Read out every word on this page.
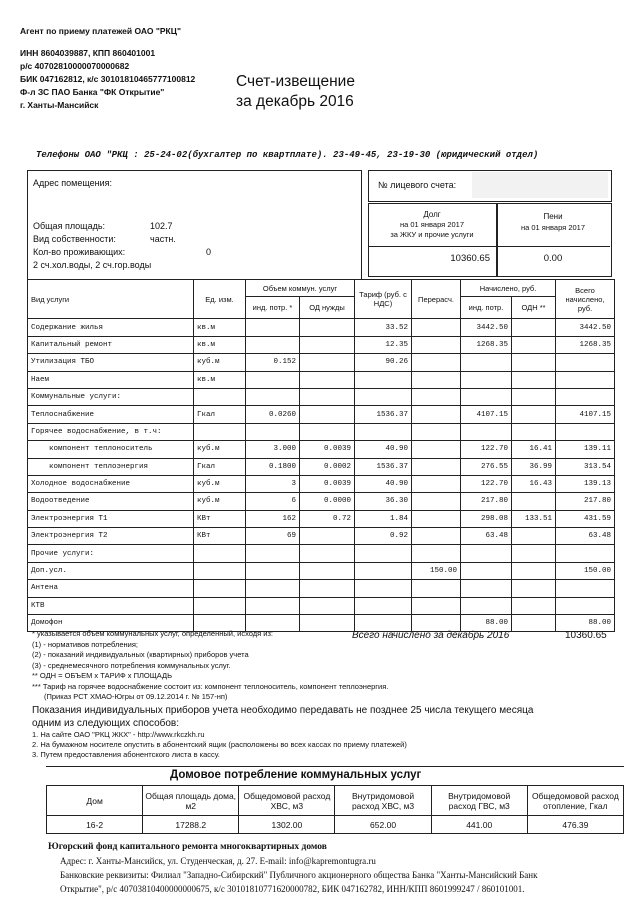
Агент по приему платежей ОАО "РКЦ"
ИНН 8604039887, КПП 860401001
р/с 40702810000070000682
БИК 047162812, к/с 30101810465777100812
Ф-л ЗС ПАО Банка "ФК Открытие"
г. Ханты-Мансийск
Счет-извещение
за декабрь 2016
Телефоны ОАО "РКЦ : 25-24-02(бухгалтер по квартплате). 23-49-45, 23-19-30 (юридический отдел)
Адрес помещения:
Общая площадь:	102.7
Вид собственности:	частн.
Кол-во проживающих:	0
2 сч.хол.воды, 2 сч.гор.воды
№ лицевого счета:
Долг
на 01 января 2017
за ЖКУ и прочие услуги
10360.65
Пени
на 01 января 2017
0.00
Вид услуги	Ед. изм.	Объем коммун. услуг		Тариф (руб. с НДС)	Перерасч.	Начислено, руб.		Всего начислено, руб.
		инд. потр. *	ОД нужды			инд. потр.	ОДН **	
Содержание жилья	кв.м			33.52		3442.50		3442.50
Капитальный ремонт	кв.м			12.35		1268.35		1268.35
Утилизация ТБО	куб.м	0.152		90.26				
Наем	кв.м							
Коммунальные услуги:								
Теплоснабжение	Гкал	0.0260		1536.37		4107.15		4107.15
Горячее водоснабжение, в т.ч:								
компонент теплоноситель	куб.м	3.000	0.0039	40.90		122.70	16.41	139.11
компонент теплоэнергия	Гкал	0.1800	0.0002	1536.37		276.55	36.99	313.54
Холодное водоснабжение	куб.м	3	0.0039	40.90		122.70	16.43	139.13
Водоотведение	куб.м	6	0.0000	36.30		217.80		217.80
Электроэнергия Т1	КВт	162	0.72	1.84		298.08	133.51	431.59
Электроэнергия Т2	КВт	69		0.92		63.48		63.48
Прочие услуги:								
Доп.усл.					150.00			150.00
Антена								
КТВ								
Домофон						88.00		88.00
* указывается объем коммунальных услуг, определенный, исходя из:
(1) - нормативов потребления;
(2) - показаний индивидуальных (квартирных) приборов учета
(3) - среднемесячного потребления коммунальных услуг.
** ОДН = ОБЪЕМ х ТАРИФ х ПЛОЩАДЬ
*** Тариф на горячее водоснабжение состоит из: компонент теплоноситель, компонент теплоэнергия.
(Приказ РСТ ХМАО-Югры от 09.12.2014 г. № 157-нп)
Всего начислено за декабрь 2016	10360.65
Показания индивидуальных приборов учета необходимо передавать не позднее 25 числа текущего месяца
одним из следующих способов:
1. На сайте ОАО "РКЦ ЖКХ" - http://www.rkczkh.ru
2. На бумажном носителе опустить в абонентский ящик (расположены во всех кассах по приему платежей)
3. Путем предоставления абонентского листа в кассу.
Домовое потребление коммунальных услуг
Дом	Общая площадь дома, м2	Общедомовой расход ХВС, м3	Внутридомовой расход ХВС, м3	Внутридомовой расход ГВС, м3	Общедомовой расход отопление, Гкал
16-2	17288.2	1302.00	652.00	441.00	476.39
Югорский фонд капитального ремонта многоквартирных домов
Адрес: г. Ханты-Мансийск, ул. Студенческая, д. 27. E-mail: info@kapremontugra.ru
Банковские реквизиты: Филиал "Западно-Сибирский" Публичного акционерного общества Банка "Ханты-Мансийский Банк
Открытие", р/с 40703810400000000675, к/с 30101810771620000782, БИК 047162782, ИНН/КПП 8601999247 / 860101001.
